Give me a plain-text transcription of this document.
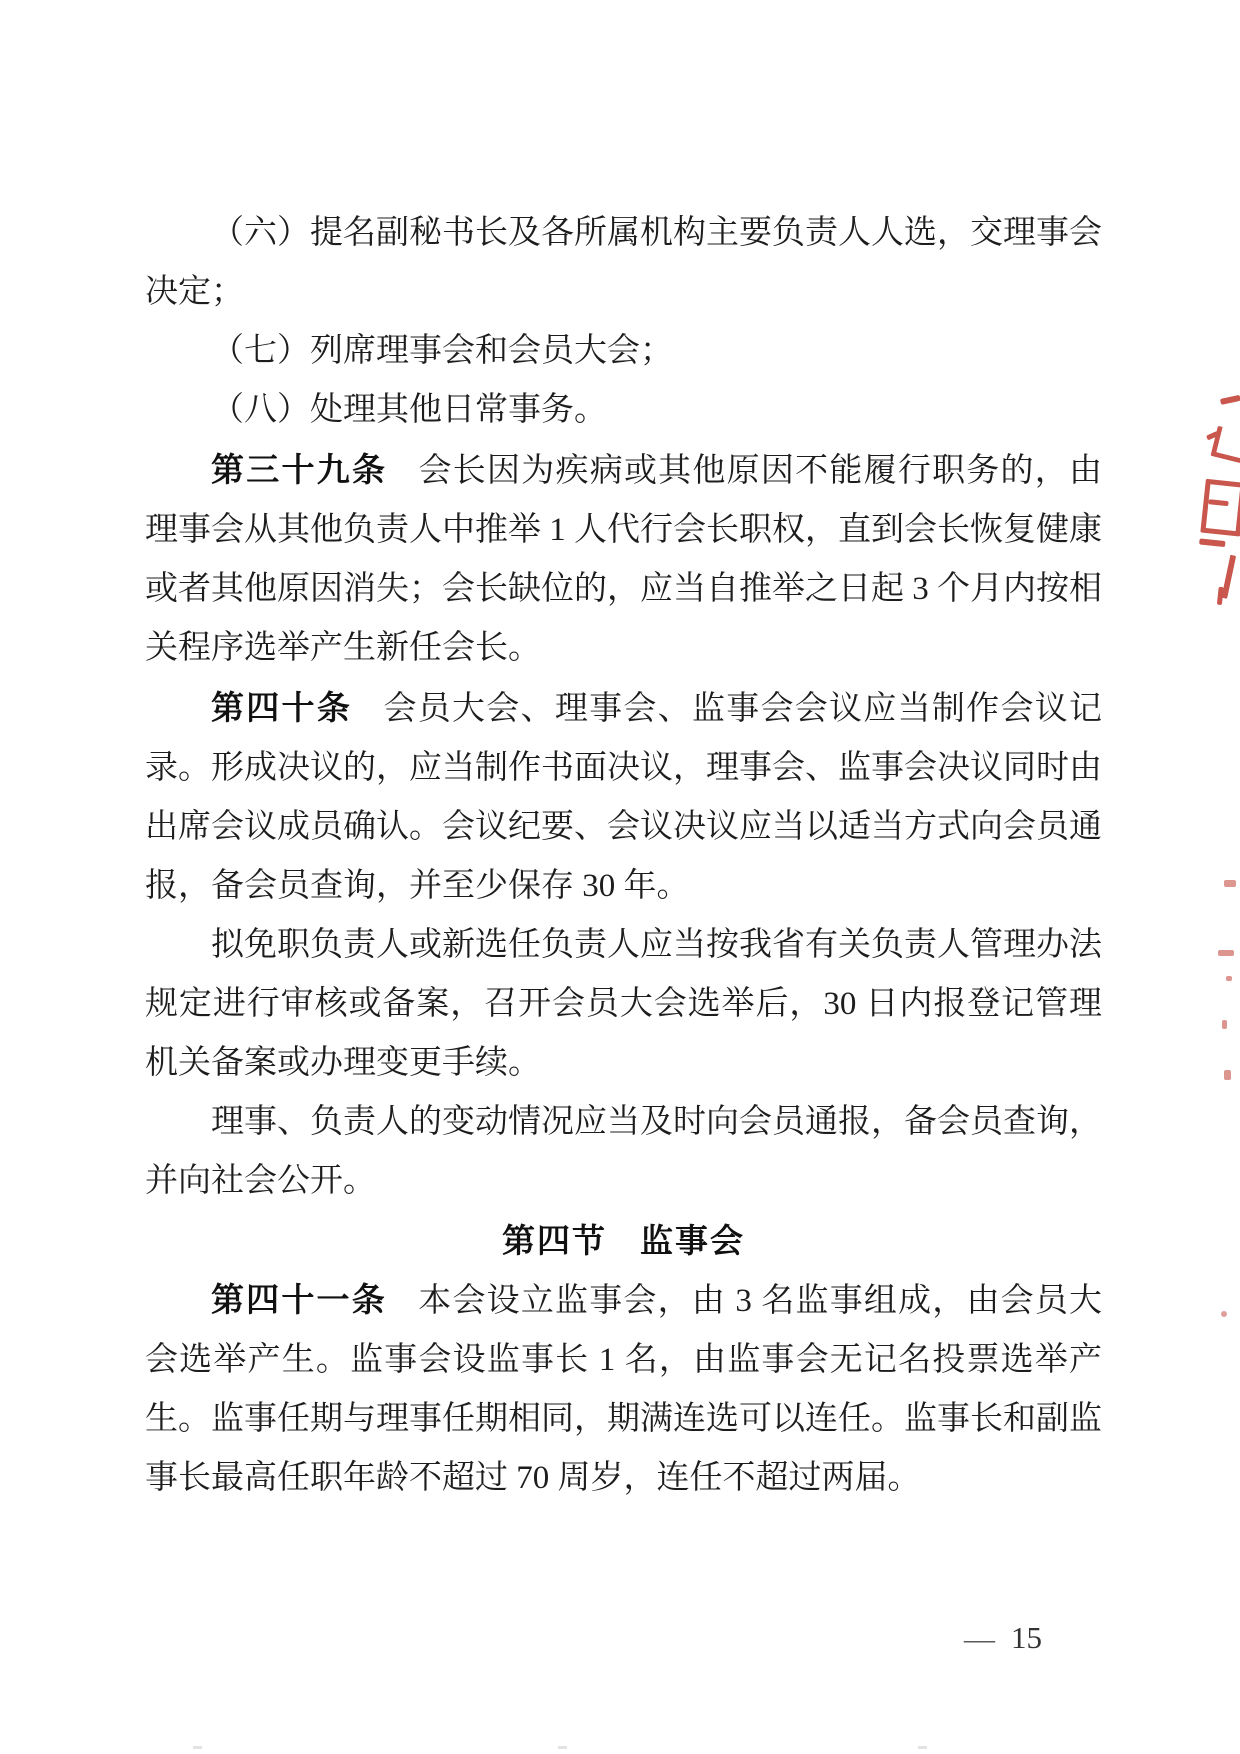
（六）提名副秘书长及各所属机构主要负责人人选，交理事会决定；

（七）列席理事会和会员大会；

（八）处理其他日常事务。

第三十九条 会长因为疾病或其他原因不能履行职务的，由理事会从其他负责人中推举 1 人代行会长职权，直到会长恢复健康或者其他原因消失；会长缺位的，应当自推举之日起 3 个月内按相关程序选举产生新任会长。

第四十条 会员大会、理事会、监事会会议应当制作会议记录。形成决议的，应当制作书面决议，理事会、监事会决议同时由出席会议成员确认。会议纪要、会议决议应当以适当方式向会员通报，备会员查询，并至少保存 30 年。

拟免职负责人或新选任负责人应当按我省有关负责人管理办法规定进行审核或备案，召开会员大会选举后，30 日内报登记管理机关备案或办理变更手续。

理事、负责人的变动情况应当及时向会员通报，备会员查询，并向社会公开。

第四节 监事会

第四十一条 本会设立监事会，由 3 名监事组成，由会员大会选举产生。监事会设监事长 1 名，由监事会无记名投票选举产生。监事任期与理事任期相同，期满连选可以连任。监事长和副监事长最高任职年龄不超过 70 周岁，连任不超过两届。

— 15
